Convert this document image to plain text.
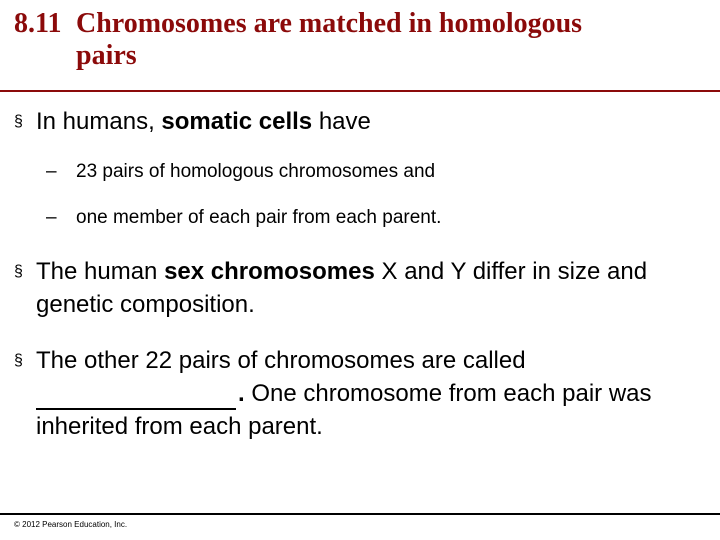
8.11 Chromosomes are matched in homologous
pairs
§ In humans, somatic cells have
– 23 pairs of homologous chromosomes and
– one member of each pair from each parent.
§ The human sex chromosomes X and Y differ in size and genetic composition.
§ The other 22 pairs of chromosomes are called
. One chromosome from each pair was inherited from each parent.
© 2012 Pearson Education, Inc.
